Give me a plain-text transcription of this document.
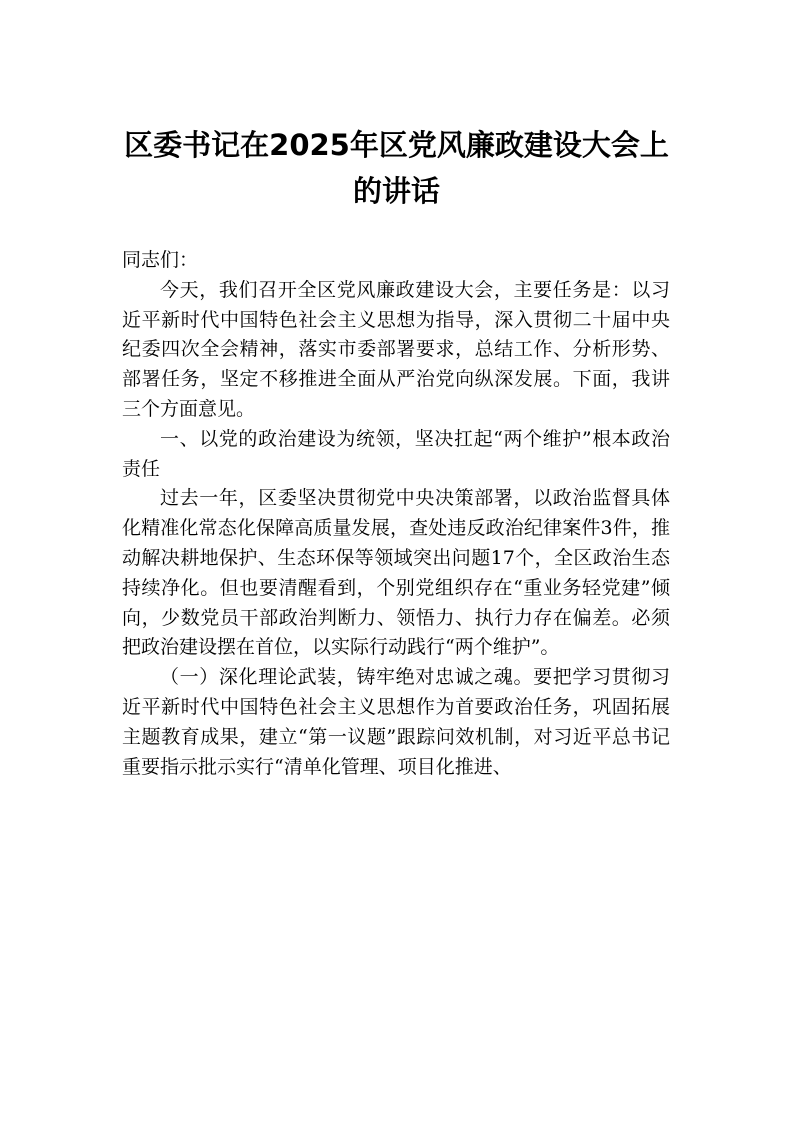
区委书记在2025年区党风廉政建设大会上的讲话

同志们：

今天，我们召开全区党风廉政建设大会，主要任务是：以习近平新时代中国特色社会主义思想为指导，深入贯彻二十届中央纪委四次全会精神，落实市委部署要求，总结工作、分析形势、部署任务，坚定不移推进全面从严治党向纵深发展。下面，我讲三个方面意见。

一、以党的政治建设为统领，坚决扛起“两个维护”根本政治责任

过去一年，区委坚决贯彻党中央决策部署，以政治监督具体化精准化常态化保障高质量发展，查处违反政治纪律案件3件，推动解决耕地保护、生态环保等领域突出问题17个，全区政治生态持续净化。但也要清醒看到，个别党组织存在“重业务轻党建”倾向，少数党员干部政治判断力、领悟力、执行力存在偏差。必须把政治建设摆在首位，以实际行动践行“两个维护”。

（一）深化理论武装，铸牢绝对忠诚之魂。要把学习贯彻习近平新时代中国特色社会主义思想作为首要政治任务，巩固拓展主题教育成果，建立“第一议题”跟踪问效机制，对习近平总书记重要指示批示实行“清单化管理、项目化推进、
